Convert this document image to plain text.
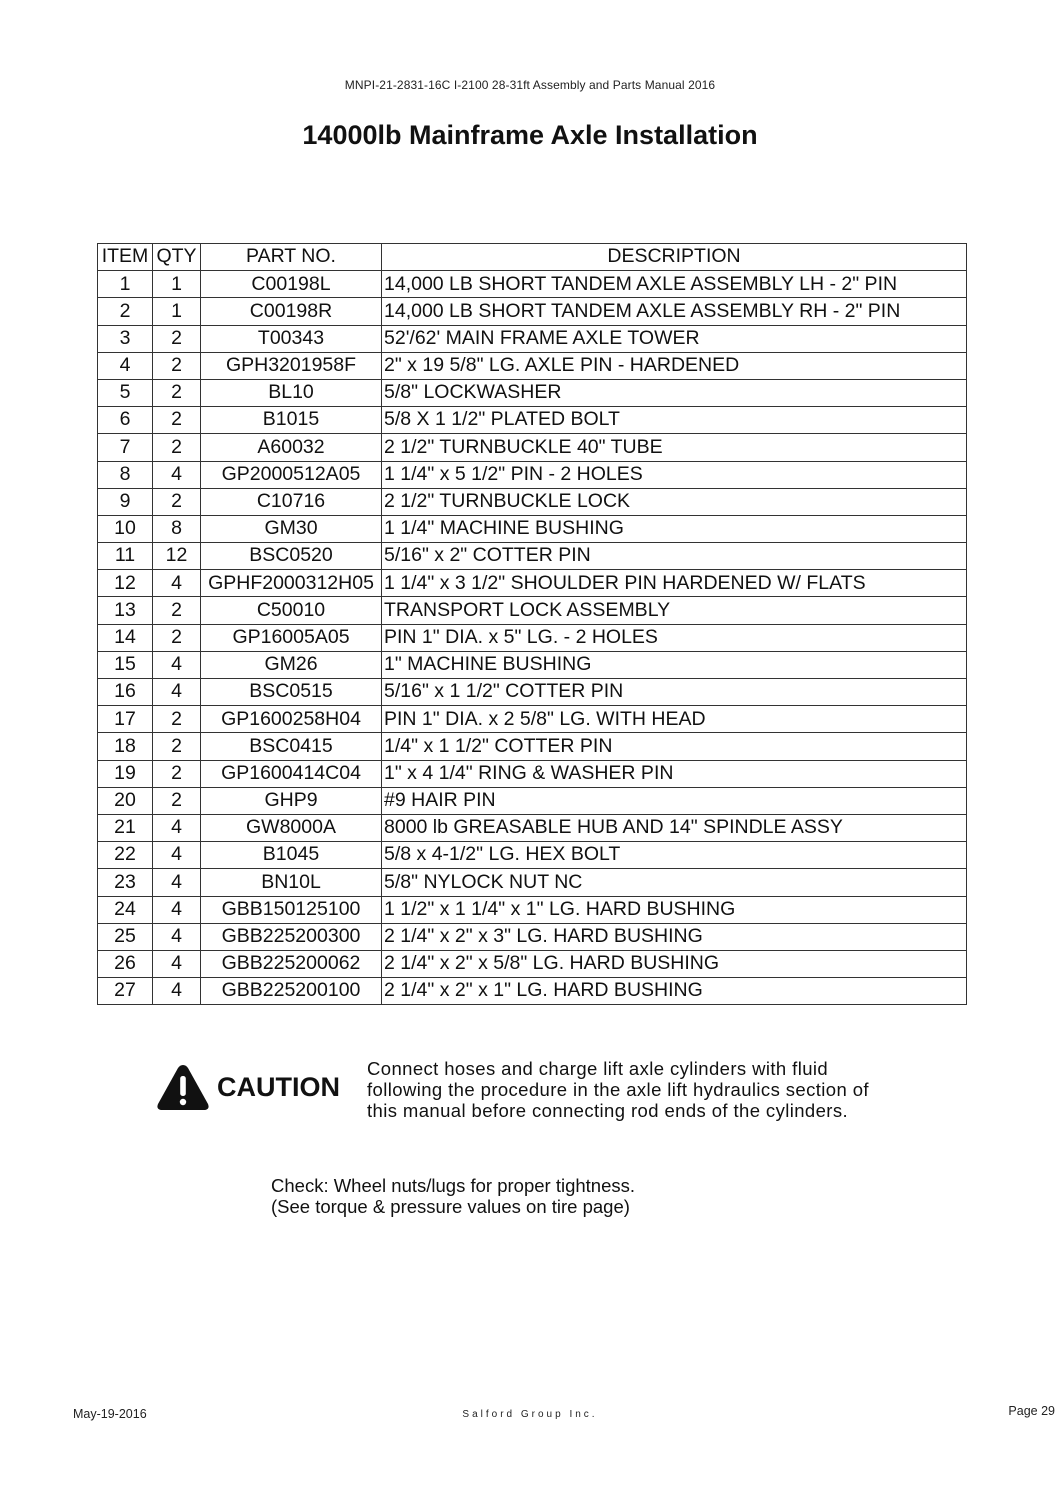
MNPI-21-2831-16C I-2100 28-31ft Assembly and Parts Manual 2016
14000lb Mainframe Axle Installation
ITEM	QTY	PART NO.	DESCRIPTION
1	1	C00198L	14,000 LB SHORT TANDEM AXLE ASSEMBLY LH - 2" PIN
2	1	C00198R	14,000 LB SHORT TANDEM AXLE ASSEMBLY RH - 2" PIN
3	2	T00343	52'/62' MAIN FRAME AXLE TOWER
4	2	GPH3201958F	2" x 19 5/8" LG. AXLE PIN - HARDENED
5	2	BL10	5/8" LOCKWASHER
6	2	B1015	5/8 X 1 1/2" PLATED BOLT
7	2	A60032	2 1/2" TURNBUCKLE 40" TUBE
8	4	GP2000512A05	1 1/4" x 5 1/2" PIN - 2 HOLES
9	2	C10716	2 1/2" TURNBUCKLE LOCK
10	8	GM30	1 1/4" MACHINE BUSHING
11	12	BSC0520	5/16" x 2" COTTER PIN
12	4	GPHF2000312H05	1 1/4" x 3 1/2" SHOULDER PIN HARDENED W/ FLATS
13	2	C50010	TRANSPORT LOCK ASSEMBLY
14	2	GP16005A05	PIN 1" DIA. x 5" LG. - 2 HOLES
15	4	GM26	1" MACHINE BUSHING
16	4	BSC0515	5/16" x 1 1/2" COTTER PIN
17	2	GP1600258H04	PIN 1" DIA. x 2 5/8" LG. WITH HEAD
18	2	BSC0415	1/4" x 1 1/2" COTTER PIN
19	2	GP1600414C04	1" x 4 1/4" RING & WASHER PIN
20	2	GHP9	#9 HAIR PIN
21	4	GW8000A	8000 lb GREASABLE HUB AND 14" SPINDLE ASSY
22	4	B1045	5/8 x 4-1/2" LG. HEX BOLT
23	4	BN10L	5/8" NYLOCK NUT NC
24	4	GBB150125100	1 1/2" x 1 1/4" x 1" LG. HARD BUSHING
25	4	GBB225200300	2 1/4" x 2" x 3" LG. HARD BUSHING
26	4	GBB225200062	2 1/4" x 2" x 5/8" LG. HARD BUSHING
27	4	GBB225200100	2 1/4" x 2" x 1" LG. HARD BUSHING
CAUTION
Connect hoses and charge lift axle cylinders with fluid
following the procedure in the axle lift hydraulics section of
this manual before connecting rod ends of the cylinders.
Check: Wheel nuts/lugs for proper tightness.
(See torque & pressure values on tire page)
May-19-2016	Salford Group Inc.	Page 29
